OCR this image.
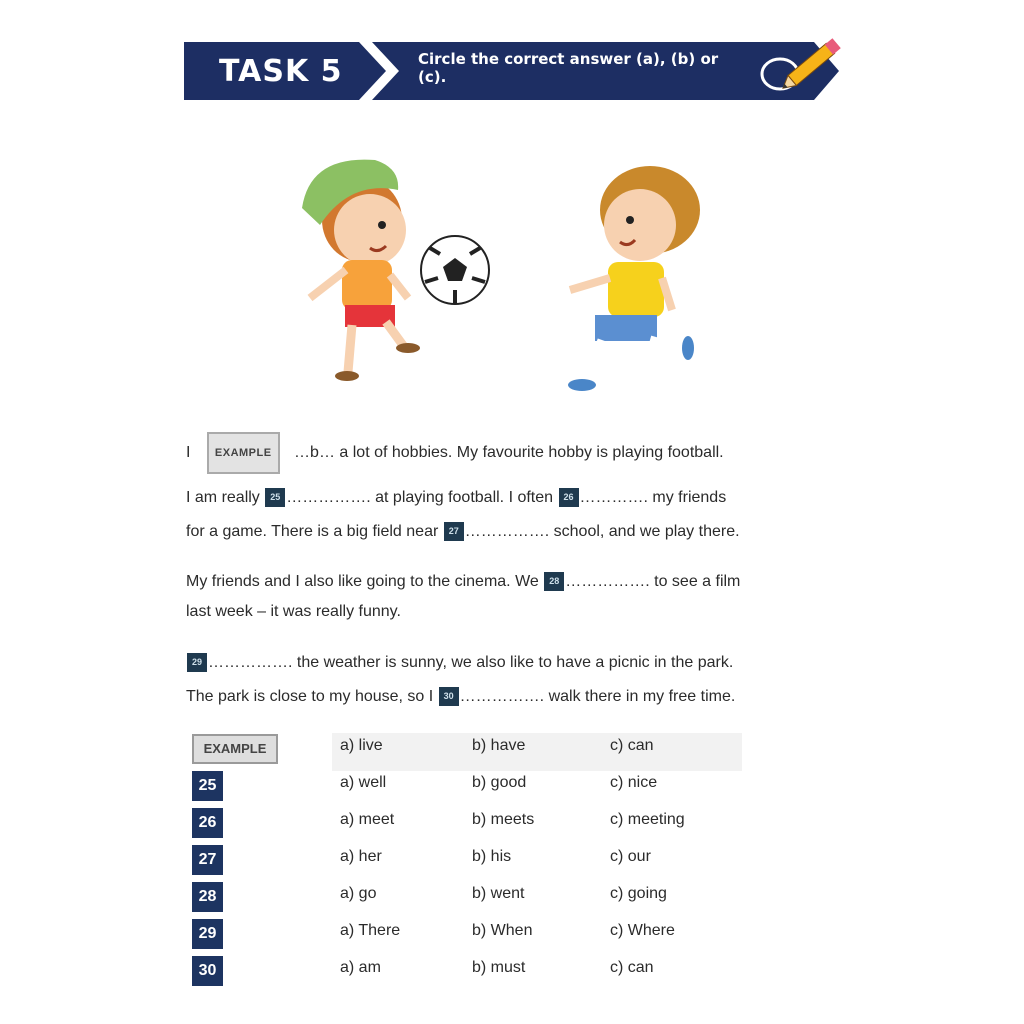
TASK 5	Circle the correct answer (a), (b) or (c).
I EXAMPLE …b… a lot of hobbies. My favourite hobby is playing football.
I am really 25 ……………. at playing football. I often 26 …………. my friends
for a game. There is a big field near 27 ……………. school, and we play there.
My friends and I also like going to the cinema. We 28 ……………. to see a film
last week – it was really funny.
29 ……………. the weather is sunny, we also like to have a picnic in the park.
The park is close to my house, so I 30 ……………. walk there in my free time.
EXAMPLE	a) live	b) have	c) can
25	a) well	b) good	c) nice
26	a) meet	b) meets	c) meeting
27	a) her	b) his	c) our
28	a) go	b) went	c) going
29	a) There	b) When	c) Where
30	a) am	b) must	c) can
